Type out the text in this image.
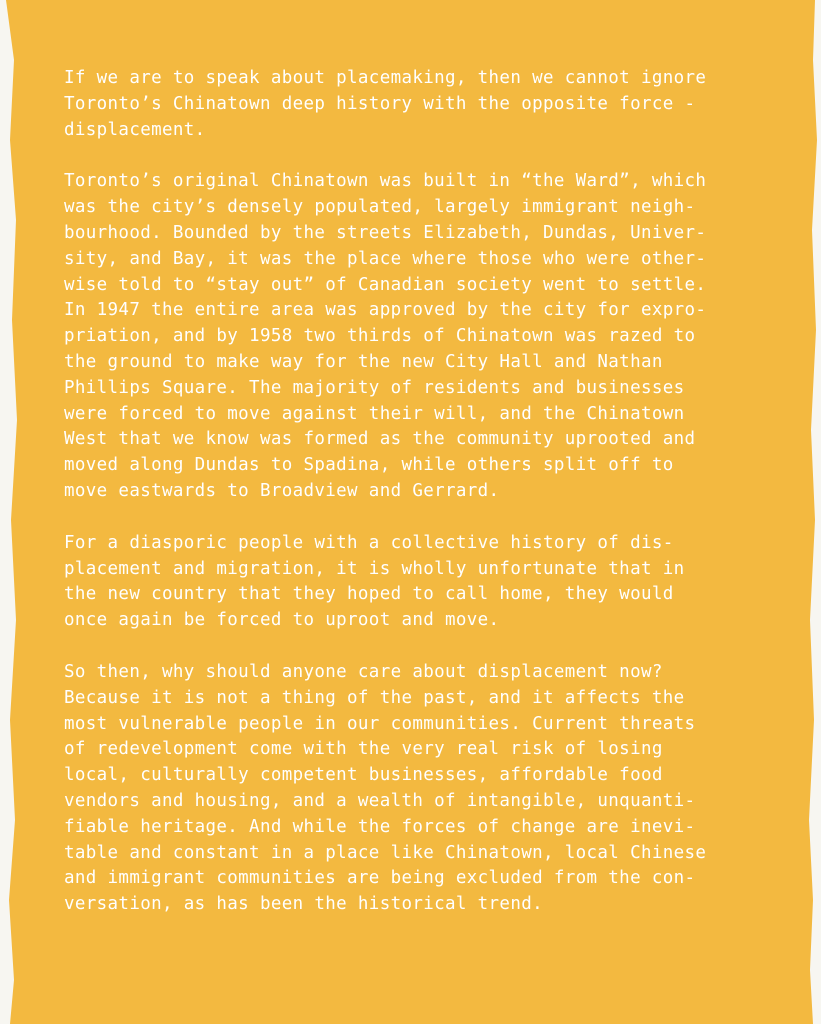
If we are to speak about placemaking, then we cannot ignore
Toronto’s Chinatown deep history with the opposite force -
displacement.

Toronto’s original Chinatown was built in “the Ward”, which
was the city’s densely populated, largely immigrant neigh-
bourhood. Bounded by the streets Elizabeth, Dundas, Univer-
sity, and Bay, it was the place where those who were other-
wise told to “stay out” of Canadian society went to settle.
In 1947 the entire area was approved by the city for expro-
priation, and by 1958 two thirds of Chinatown was razed to
the ground to make way for the new City Hall and Nathan
Phillips Square. The majority of residents and businesses
were forced to move against their will, and the Chinatown
West that we know was formed as the community uprooted and
moved along Dundas to Spadina, while others split off to
move eastwards to Broadview and Gerrard.

For a diasporic people with a collective history of dis-
placement and migration, it is wholly unfortunate that in
the new country that they hoped to call home, they would
once again be forced to uproot and move.

So then, why should anyone care about displacement now?
Because it is not a thing of the past, and it affects the
most vulnerable people in our communities. Current threats
of redevelopment come with the very real risk of losing
local, culturally competent businesses, affordable food
vendors and housing, and a wealth of intangible, unquanti-
fiable heritage. And while the forces of change are inevi-
table and constant in a place like Chinatown, local Chinese
and immigrant communities are being excluded from the con-
versation, as has been the historical trend.
